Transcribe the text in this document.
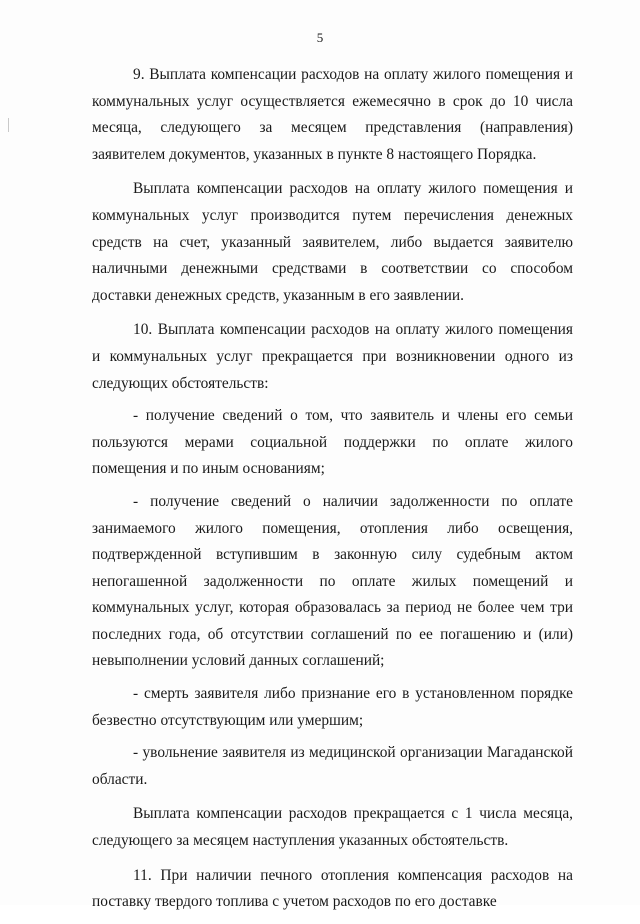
5

9. Выплата компенсации расходов на оплату жилого помещения и коммунальных услуг осуществляется ежемесячно в срок до 10 числа месяца, следующего за месяцем представления (направления) заявителем документов, указанных в пункте 8 настоящего Порядка.

Выплата компенсации расходов на оплату жилого помещения и коммунальных услуг производится путем перечисления денежных средств на счет, указанный заявителем, либо выдается заявителю наличными денежными средствами в соответствии со способом доставки денежных средств, указанным в его заявлении.

10. Выплата компенсации расходов на оплату жилого помещения и коммунальных услуг прекращается при возникновении одного из следующих обстоятельств:

- получение сведений о том, что заявитель и члены его семьи пользуются мерами социальной поддержки по оплате жилого помещения и по иным основаниям;

- получение сведений о наличии задолженности по оплате занимаемого жилого помещения, отопления либо освещения, подтвержденной вступившим в законную силу судебным актом непогашенной задолженности по оплате жилых помещений и коммунальных услуг, которая образовалась за период не более чем три последних года, об отсутствии соглашений по ее погашению и (или) невыполнении условий данных соглашений;

- смерть заявителя либо признание его в установленном порядке безвестно отсутствующим или умершим;

- увольнение заявителя из медицинской организации Магаданской области.

Выплата компенсации расходов прекращается с 1 числа месяца, следующего за месяцем наступления указанных обстоятельств.

11. При наличии печного отопления компенсация расходов на поставку твердого топлива с учетом расходов по его доставке
